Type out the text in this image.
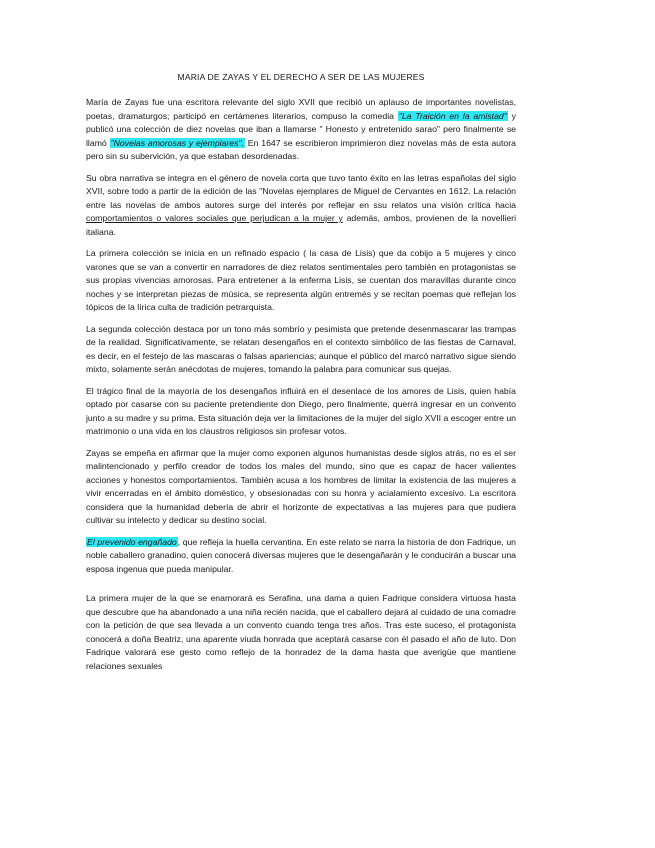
MARIA DE ZAYAS Y EL DERECHO A SER DE LAS MUJERES

María de Zayas fue una escritora relevante del siglo XVII que recibió un aplauso de importantes novelistas, poetas, dramaturgos; participó en certámenes literarios, compuso la comedia "La Traición en la amistad" y publicó una colección de diez novelas que iban a llamarse " Honesto y entretenido sarao" pero finalmente se llamó "Novelas amorosas y ejemplares". En 1647 se escribieron imprimieron diez novelas más de esta autora pero sin su subervición, ya que estaban desordenadas.

Su obra narrativa se integra en el género de novela corta que tuvo tanto éxito en las letras españolas del siglo XVII, sobre todo a partir de la edición de las "Novelas ejemplares de Miguel de Cervantes en 1612. La relación entre las novelas de ambos autores surge del interés por reflejar en ssu relatos una visión crítica hacia comportamientos o valores sociales que perjudican a la mujer y además, ambos, provienen de la novellieri italiana.

La primera colección se inicia en un refinado espacio ( la casa de Lisis) que da cobijo a 5 mujeres y cinco varones que se van a convertir en narradores de diez relatos sentimentales pero también en protagonistas se sus propias vivencias amorosas. Para entretener a la enferma Lisis, se cuentan dos maravillas durante cinco noches y se interpretan piezas de música, se representa algún entremés y se recitan poemas que reflejan los tópicos de la lírica culta de tradición petrarquista.

La segunda colección destaca por un tono más sombrío y pesimista que pretende desenmascarar las trampas de la realidad. Significativamente, se relatan desengaños en el contexto simbólico de las fiestas de Carnaval, es decir, en el festejo de las mascaras o falsas apariencias; aunque el público del marcó narrativo sigue siendo mixto, solamente serán anécdotas de mujeres, tomando la palabra para comunicar sus quejas.

El trágico final de la mayoría de los desengaños influirá en el desenlace de los amores de Lisis, quien había optado por casarse con su paciente pretendiente don Diego, pero finalmente, querrá ingresar en un convento junto a su madre y su prima. Esta situación deja ver la limitaciones de la mujer del siglo XVII a escoger entre un matrimonio o una vida en los claustros religiosos sin profesar votos.

Zayas se empeña en afirmar que la mujer como exponen algunos humanistas desde siglos atrás, no es el ser malintencionado y perfilo creador de todos los males del mundo, sino que es capaz de hacer valientes acciones y honestos comportamientos. También acusa a los hombres de limitar la existencia de las mujeres a vivir encerradas en el ámbito doméstico, y obsesionadas con su honra y acialamiento excesivo. La escritora considera que la humanidad debería de abrir el horizonte de expectativas a las mujeres para que pudiera cultivar su intelecto y dedicar su destino social.

El prevenido engañado, que refleja la huella cervantina. En este relato se narra la historia de don Fadrique, un noble caballero granadino, quien conocerá diversas mujeres que le desengañarán y le conducirán a buscar una esposa ingenua que pueda manipular.

La primera mujer de la que se enamorará es Serafina, una dama a quien Fadrique considera virtuosa hasta que descubre que ha abandonado a una niña recién nacida, que el caballero dejará al cuidado de una comadre con la petición de que sea llevada a un convento cuando tenga tres años. Tras este suceso, el protagonista conocerá a doña Beatriz, una aparente viuda honrada que aceptará casarse con él pasado el año de luto. Don Fadrique valorará ese gesto como reflejo de la honradez de la dama hasta que averigüe que mantiene relaciones sexuales
